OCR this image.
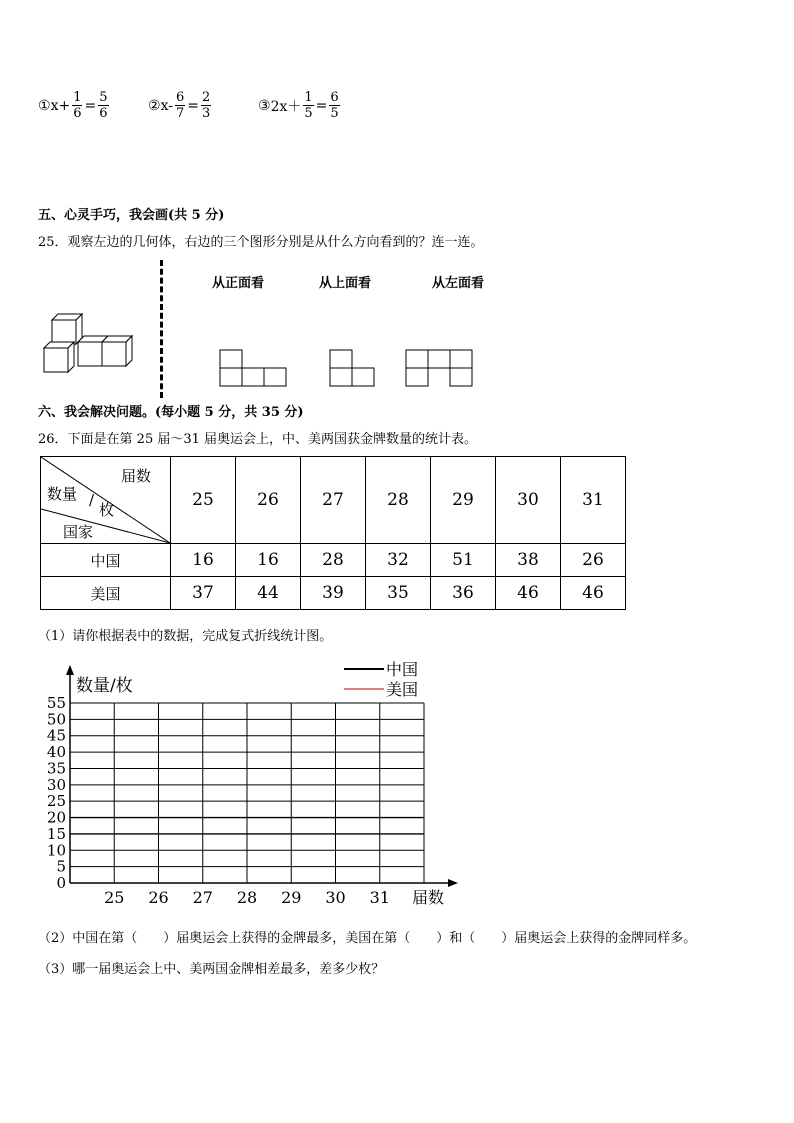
① $x+ \frac{1}{6} = \frac{5}{6}$	② $x- \frac{6}{7} = \frac{2}{3}$	③ $2x+ \frac{1}{5} = \frac{6}{5}$
五、心灵手巧，我会画(共 5 分)
25．观察左边的几何体，右边的三个图形分别是从什么方向看到的？连一连。
从正面看	从上面看	从左面看
六、我会解决问题。(每小题 5 分，共 35 分)
26．下面是在第 25 届～31 届奥运会上，中、美两国获金牌数量的统计表。
届数
数量 /
枚
国家	25	26	27	28	29	30	31
中国	16	16	28	32	51	38	26
美国	37	44	39	35	36	46	46
（1）请你根据表中的数据，完成复式折线统计图。
0
5
10
15
20
25
30
35
40
45
50
55
25 26 27 28 29 30 31 届数
数量/枚
中国
美国
（2）中国在第（　　）届奥运会上获得的金牌最多，美国在第（　　）和（　　）届奥运会上获得的金牌同样多。
（3）哪一届奥运会上中、美两国金牌相差最多，差多少枚？
